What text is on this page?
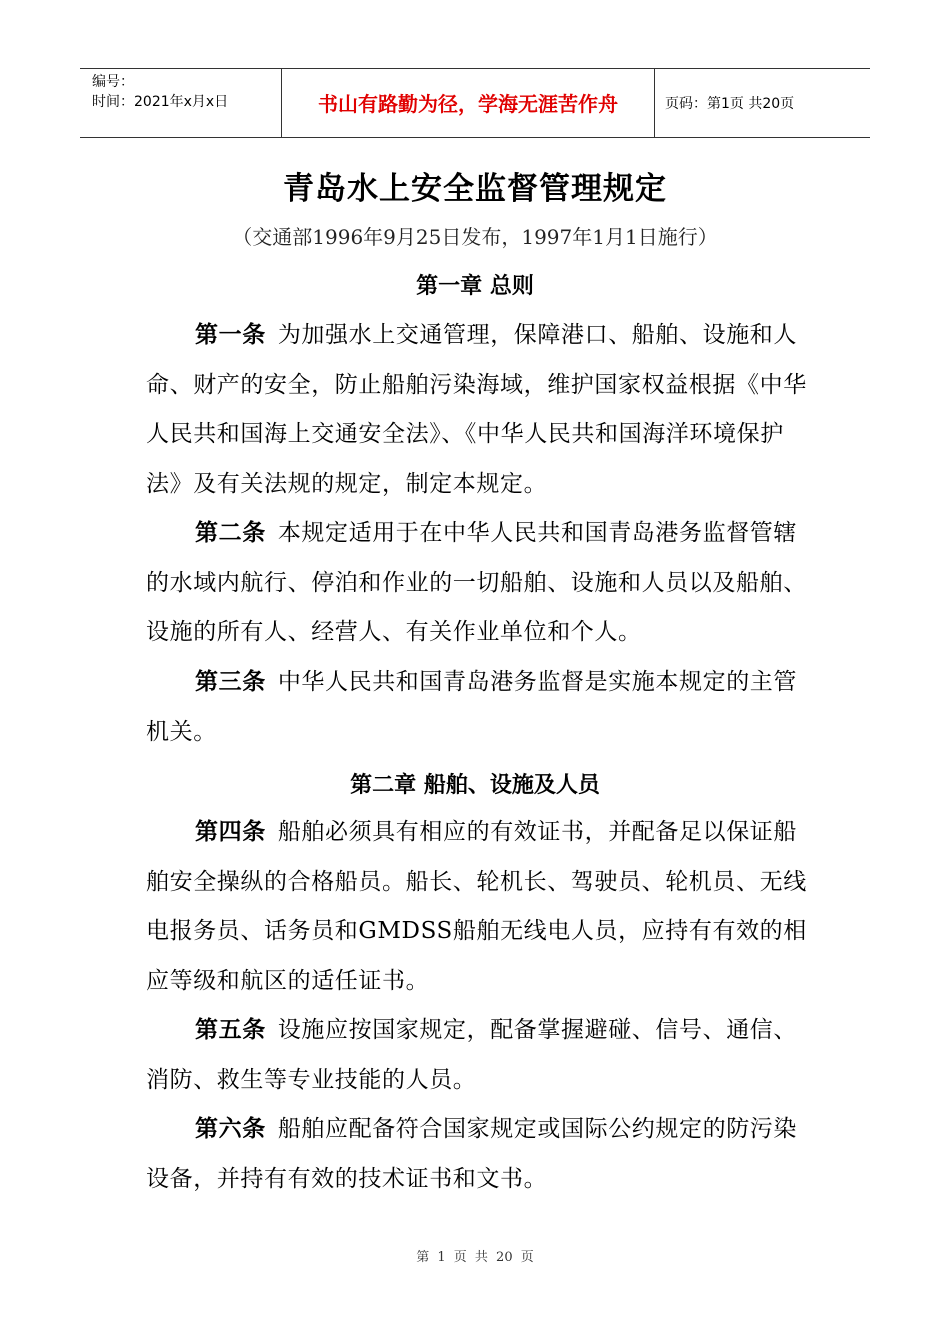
编号：
时间：2021年x月x日	书山有路勤为径，学海无涯苦作舟	页码：第1页 共20页
青岛水上安全监督管理规定
（交通部1996年9月25日发布，1997年1月1日施行）
第一章 总则
第一条 为加强水上交通管理，保障港口、船舶、设施和人命、财产的安全，防止船舶污染海域，维护国家权益根据《中华人民共和国海上交通安全法》、《中华人民共和国海洋环境保护法》及有关法规的规定，制定本规定。
第二条 本规定适用于在中华人民共和国青岛港务监督管辖的水域内航行、停泊和作业的一切船舶、设施和人员以及船舶、设施的所有人、经营人、有关作业单位和个人。
第三条 中华人民共和国青岛港务监督是实施本规定的主管机关。
第二章 船舶、设施及人员
第四条 船舶必须具有相应的有效证书，并配备足以保证船舶安全操纵的合格船员。船长、轮机长、驾驶员、轮机员、无线电报务员、话务员和GMDSS船舶无线电人员，应持有有效的相应等级和航区的适任证书。
第五条 设施应按国家规定，配备掌握避碰、信号、通信、消防、救生等专业技能的人员。
第六条 船舶应配备符合国家规定或国际公约规定的防污染设备，并持有有效的技术证书和文书。
第 1 页 共 20 页
